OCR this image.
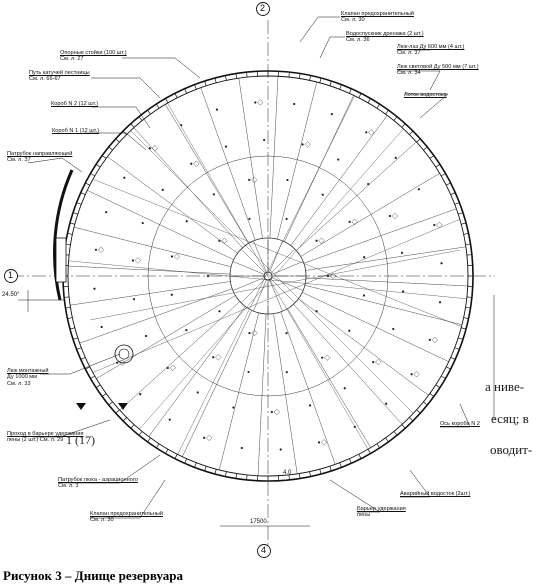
2
1
4
1 (17)
24.50°
17500
4.0
Клапан предохранительный
См. л. 30
Водоспускник дренажа (2 шт.)
См. л. 36
Опорные стойки (100 шт.)
См. л. 27
Люк-лаз Ду 600 мм (4 шт.)
См. л. 37
Люк световой Ду 500 мм (7 шт.)
См. л. 34
Путь катучей лестницы
См. л. 66-67
Лоток водостока
Короб N 2 (12 шт.)
Короб N 1 (12 шт.)
Патрубок направляющей
См. л. 37
Люк монтажный
Ду 1000 мм
См. л. 33
Проход в барьере удержания
пены (2 шт.) См. л. 29
Патрубок люка - аэрационного
См. л. 3
Клапан предохранительный
См. л. 30
Аварийный водосток (2шт.)
Барьер удержания
пены
Ось короба N 2
а ниве-
есяц; в
оводит-
Рисунок 3 – Днище резервуара
